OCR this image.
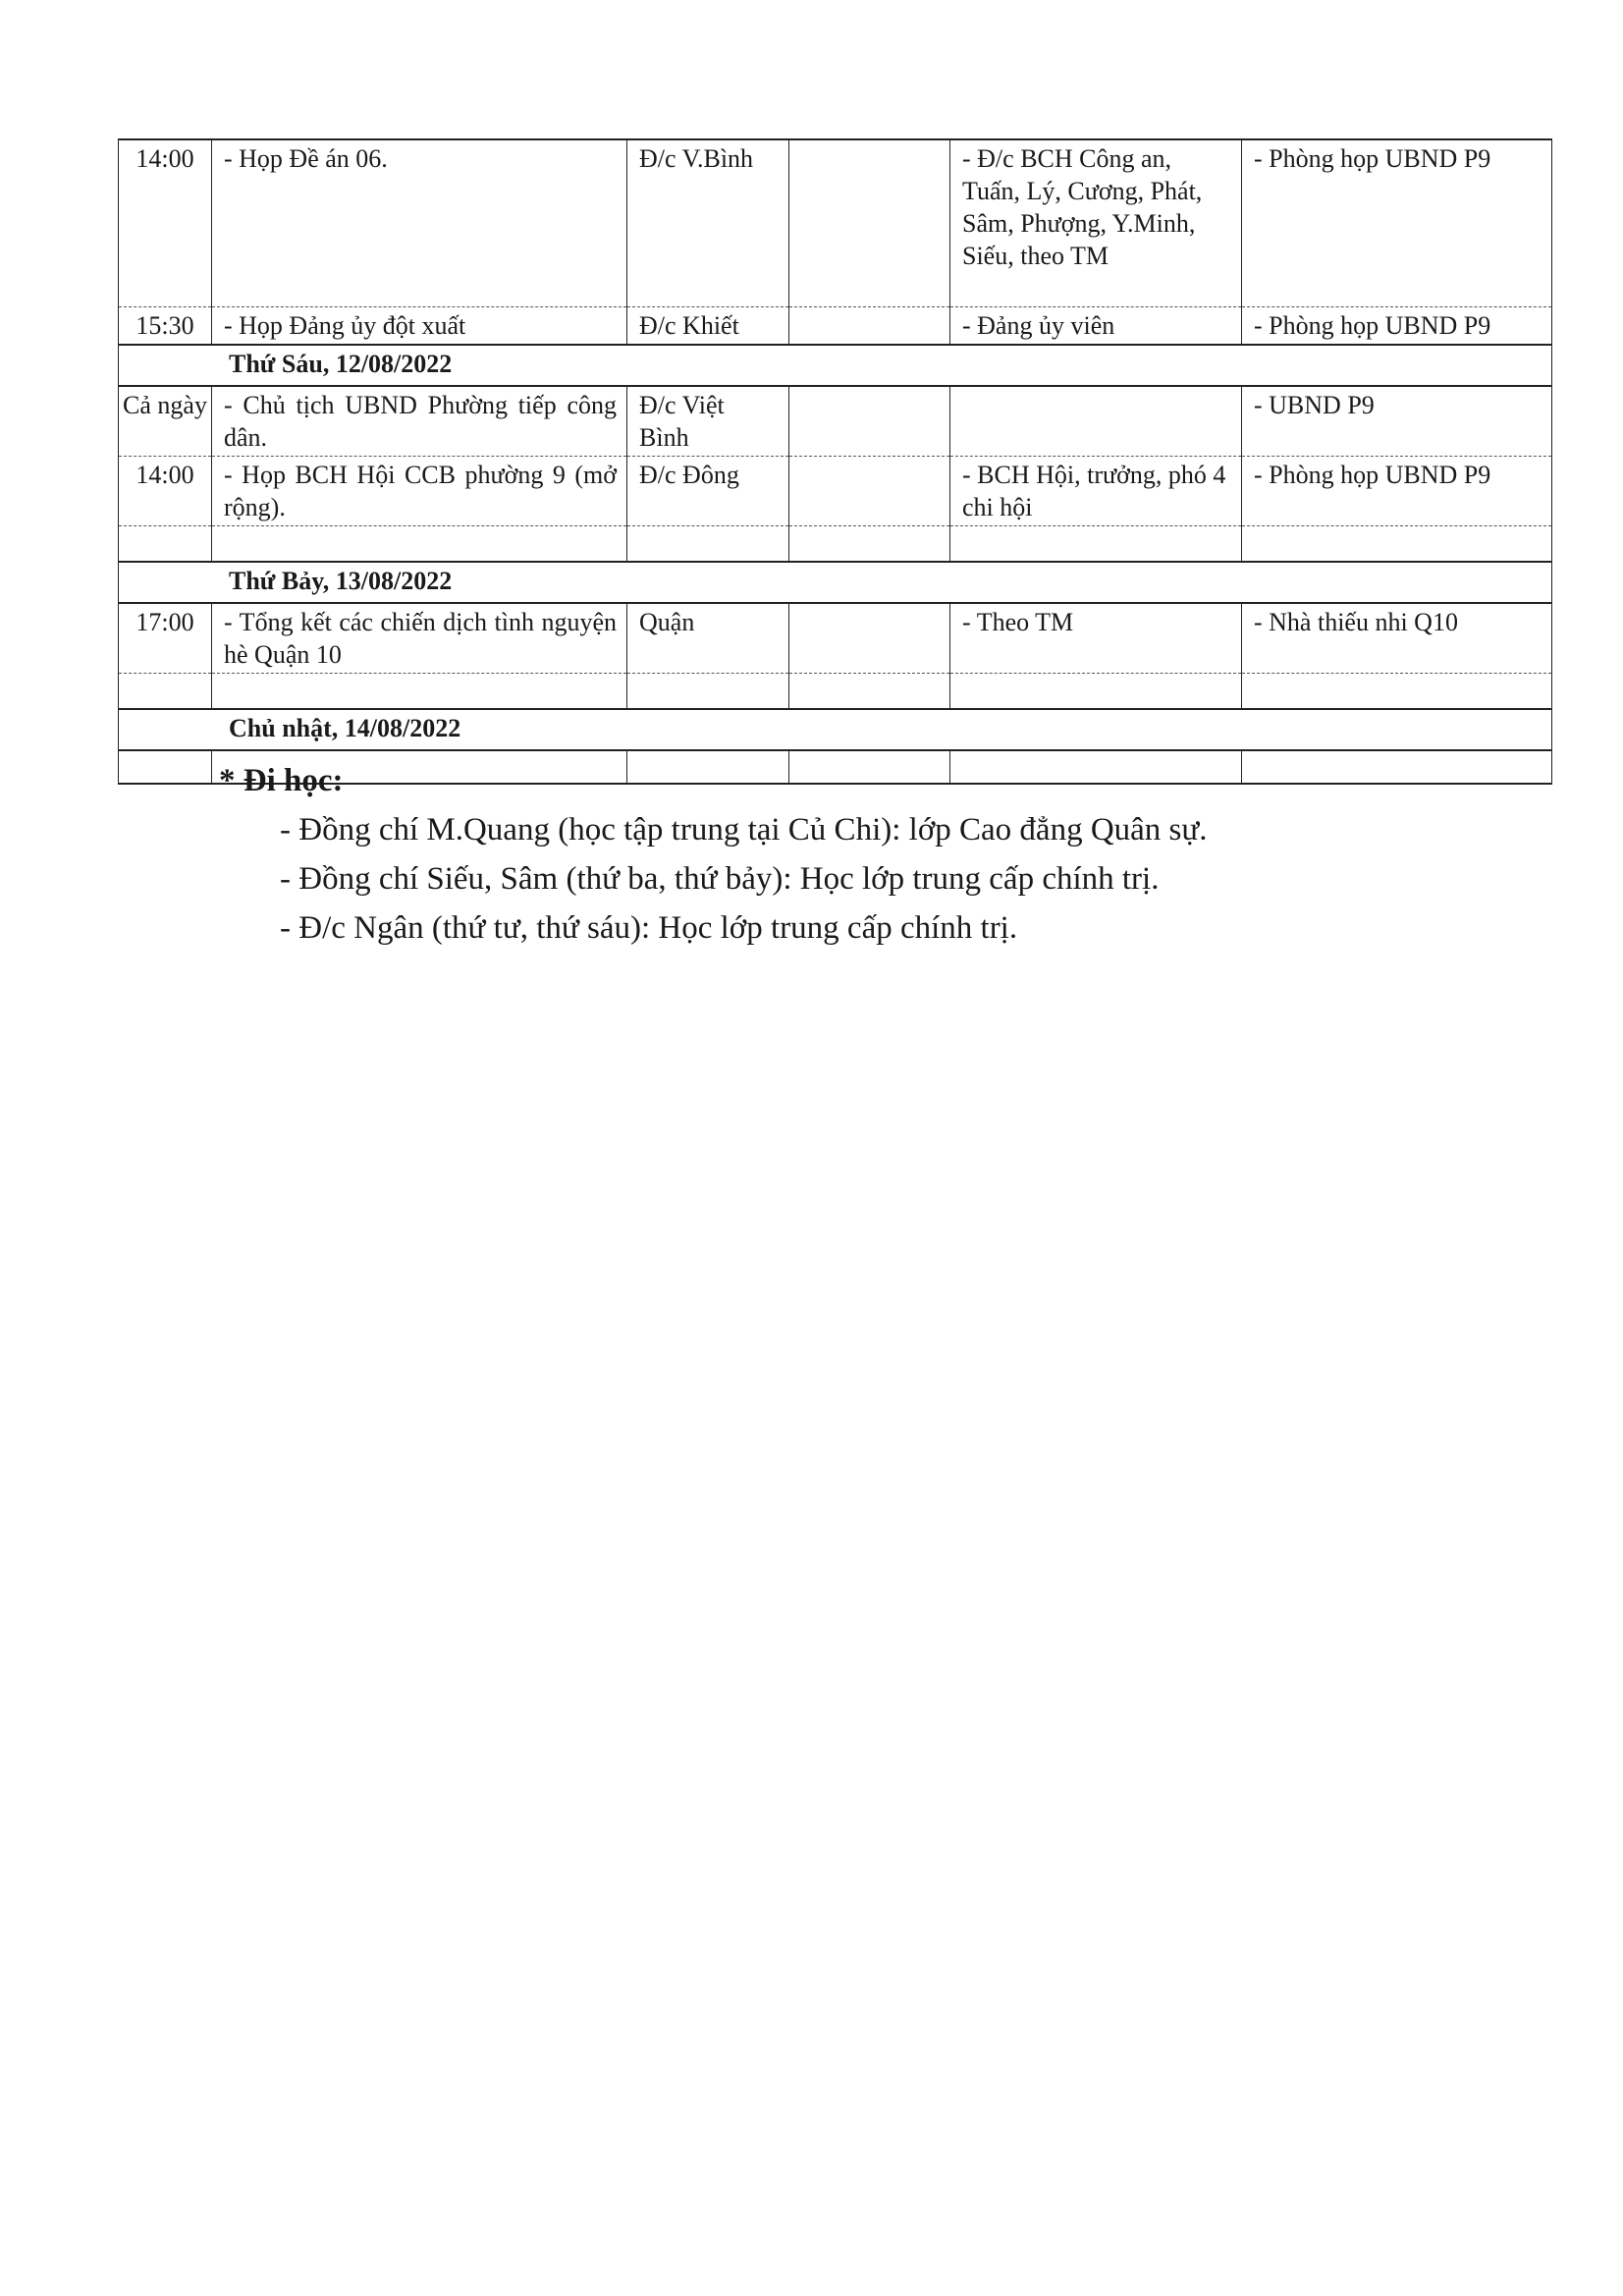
14:00	- Họp Đề án 06.	Đ/c V.Bình		- Đ/c BCH Công an, Tuấn, Lý, Cương, Phát, Sâm, Phượng, Y.Minh, Siếu, theo TM	- Phòng họp UBND P9
15:30	- Họp Đảng ủy đột xuất	Đ/c Khiết		- Đảng ủy viên	- Phòng họp UBND P9
Thứ Sáu, 12/08/2022					
Cả ngày	- Chủ tịch UBND Phường tiếp công dân.	Đ/c Việt Bình			- UBND P9
14:00	- Họp BCH Hội CCB phường 9 (mở rộng).	Đ/c Đông		- BCH Hội, trưởng, phó 4 chi hội	- Phòng họp UBND P9

Thứ Bảy, 13/08/2022					
17:00	- Tổng kết các chiến dịch tình nguyện hè Quận 10	Quận		- Theo TM	- Nhà thiếu nhi Q10

Chủ nhật, 14/08/2022					

* Đi học:
- Đồng chí M.Quang (học tập trung tại Củ Chi): lớp Cao đẳng Quân sự.
- Đồng chí Siếu, Sâm (thứ ba, thứ bảy): Học lớp trung cấp chính trị.
- Đ/c Ngân (thứ tư, thứ sáu): Học lớp trung cấp chính trị.
